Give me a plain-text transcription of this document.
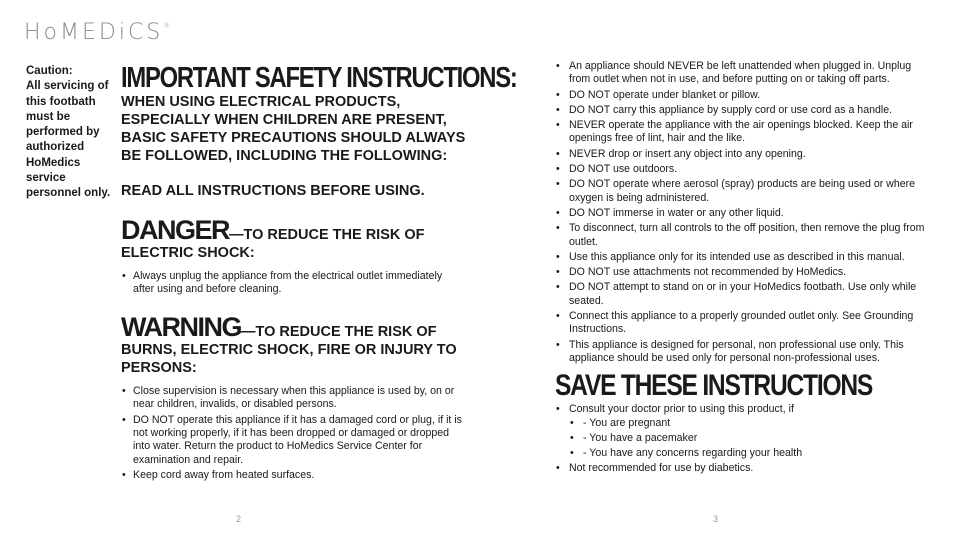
HoMEDiCS®
Caution:
All servicing of this footbath must be performed by authorized HoMedics service personnel only.
IMPORTANT SAFETY INSTRUCTIONS:

WHEN USING ELECTRICAL PRODUCTS, ESPECIALLY WHEN CHILDREN ARE PRESENT, BASIC SAFETY PRECAUTIONS SHOULD ALWAYS BE FOLLOWED, INCLUDING THE FOLLOWING:

READ ALL INSTRUCTIONS BEFORE USING.

DANGER—TO REDUCE THE RISK OF ELECTRIC SHOCK:
• Always unplug the appliance from the electrical outlet immediately after using and before cleaning.
WARNING—TO REDUCE THE RISK OF BURNS, ELECTRIC SHOCK, FIRE OR INJURY TO PERSONS:
• Close supervision is necessary when this appliance is used by, on or near children, invalids, or disabled persons.
• DO NOT operate this appliance if it has a damaged cord or plug, if it is not working properly, if it has been dropped or damaged or dropped into water. Return the product to HoMedics Service Center for examination and repair.
• Keep cord away from heated surfaces.
• An appliance should NEVER be left unattended when plugged in. Unplug from outlet when not in use, and before putting on or taking off parts.
• DO NOT operate under blanket or pillow.
• DO NOT carry this appliance by supply cord or use cord as a handle.
• NEVER operate the appliance with the air openings blocked. Keep the air openings free of lint, hair and the like.
• NEVER drop or insert any object into any opening.
• DO NOT use outdoors.
• DO NOT operate where aerosol (spray) products are being used or where oxygen is being administered.
• DO NOT immerse in water or any other liquid.
• To disconnect, turn all controls to the off position, then remove the plug from outlet.
• Use this appliance only for its intended use as described in this manual.
• DO NOT use attachments not recommended by HoMedics.
• DO NOT attempt to stand on or in your HoMedics footbath. Use only while seated.
• Connect this appliance to a properly grounded outlet only. See Grounding Instructions.
• This appliance is designed for personal, non professional use only. This appliance should be used only for personal non-professional uses.
SAVE THESE INSTRUCTIONS
• Consult your doctor prior to using this product, if
• - You are pregnant
• - You have a pacemaker
• - You have any concerns regarding your health
• Not recommended for use by diabetics.
2	3
